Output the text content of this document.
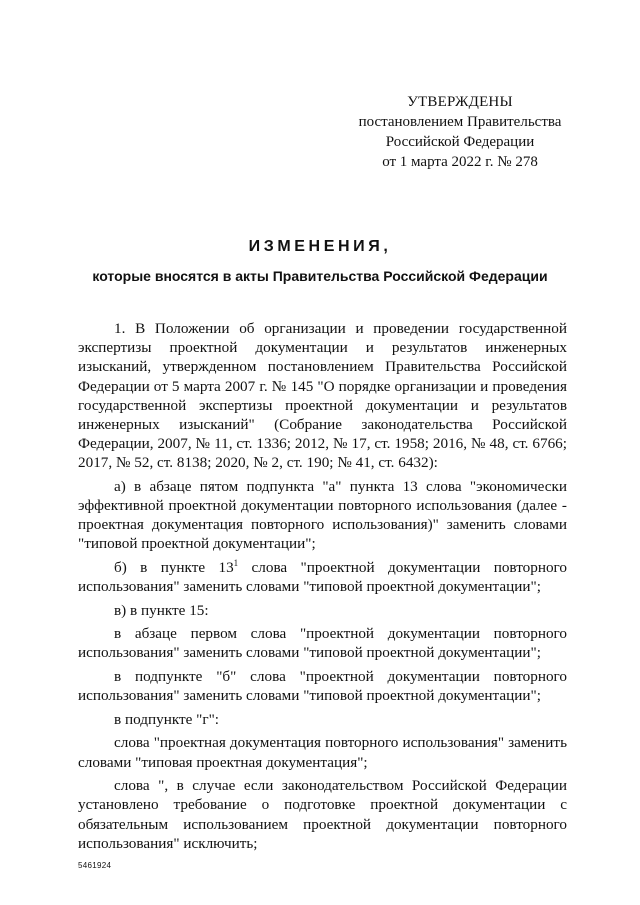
УТВЕРЖДЕНЫ
постановлением Правительства
Российской Федерации
от 1 марта 2022 г. № 278
ИЗМЕНЕНИЯ,
которые вносятся в акты Правительства Российской Федерации

1. В Положении об организации и проведении государственной экспертизы проектной документации и результатов инженерных изысканий, утвержденном постановлением Правительства Российской Федерации от 5 марта 2007 г. № 145 "О порядке организации и проведения государственной экспертизы проектной документации и результатов инженерных изысканий" (Собрание законодательства Российской Федерации, 2007, № 11, ст. 1336; 2012, № 17, ст. 1958; 2016, № 48, ст. 6766; 2017, № 52, ст. 8138; 2020, № 2, ст. 190; № 41, ст. 6432):

а) в абзаце пятом подпункта "а" пункта 13 слова "экономически эффективной проектной документации повторного использования (далее - проектная документация повторного использования)" заменить словами "типовой проектной документации";

б) в пункте $13^1$ слова "проектной документации повторного использования" заменить словами "типовой проектной документации";

в) в пункте 15:

в абзаце первом слова "проектной документации повторного использования" заменить словами "типовой проектной документации";

в подпункте "б" слова "проектной документации повторного использования" заменить словами "типовой проектной документации";

в подпункте "г":

слова "проектная документация повторного использования" заменить словами "типовая проектная документация";

слова ", в случае если законодательством Российской Федерации установлено требование о подготовке проектной документации с обязательным использованием проектной документации повторного использования" исключить;

5461924
